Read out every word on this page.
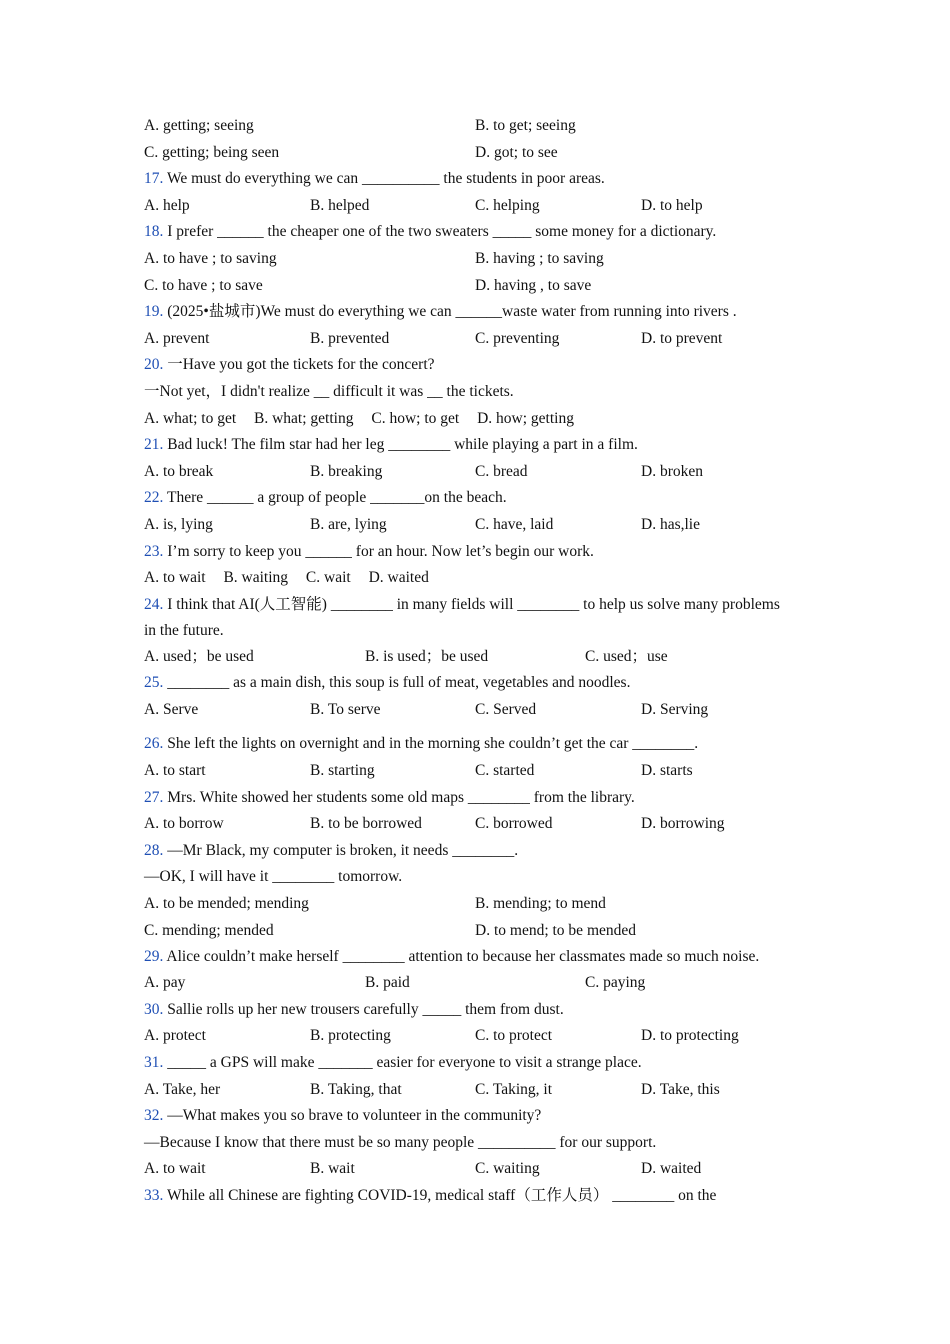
A. getting; seeing	B. to get; seeing
C. getting; being seen	D. got; to see
17. We must do everything we can __________ the students in poor areas.
A. help	B. helped	C. helping	D. to help
18. I prefer ______ the cheaper one of the two sweaters _____ some money for a dictionary.
A. to have ; to saving	B. having ; to saving
C. to have ; to save	D. having , to save
19. (2025•盐城市)We must do everything we can ______waste water from running into rivers .
A. prevent	B. prevented	C. preventing	D. to prevent
20. 一Have you got the tickets for the concert?
一Not yet，I didn't realize __ difficult it was __ the tickets.
A. what; to get B. what; getting C. how; to get D. how; getting
21. Bad luck! The film star had her leg ________ while playing a part in a film.
A. to break	B. breaking	C. bread	D. broken
22. There ______ a group of people _______on the beach.
A. is, lying	B. are, lying	C. have, laid	D. has,lie
23. I’m sorry to keep you ______ for an hour. Now let’s begin our work.
A. to wait B. waiting C. wait D. waited
24. I think that AI(人工智能) ________ in many fields will ________ to help us solve many problems in the future.
A. used；be used	B. is used；be used	C. used；use
25. ________ as a main dish, this soup is full of meat, vegetables and noodles.
A. Serve	B. To serve	C. Served	D. Serving
26. She left the lights on overnight and in the morning she couldn’t get the car ________.
A. to start	B. starting	C. started	D. starts
27. Mrs. White showed her students some old maps ________ from the library.
A. to borrow	B. to be borrowed	C. borrowed	D. borrowing
28. —Mr Black, my computer is broken, it needs ________.
—OK, I will have it ________ tomorrow.
A. to be mended; mending	B. mending; to mend
C. mending; mended	D. to mend; to be mended
29. Alice couldn’t make herself ________ attention to because her classmates made so much noise.
A. pay	B. paid	C. paying
30. Sallie rolls up her new trousers carefully _____ them from dust.
A. protect	B. protecting	C. to protect	D. to protecting
31. _____ a GPS will make _______ easier for everyone to visit a strange place.
A. Take, her	B. Taking, that	C. Taking, it	D. Take, this
32. —What makes you so brave to volunteer in the community?
—Because I know that there must be so many people __________ for our support.
A. to wait	B. wait	C. waiting	D. waited
33. While all Chinese are fighting COVID-19, medical staff（工作人员） ________ on the
